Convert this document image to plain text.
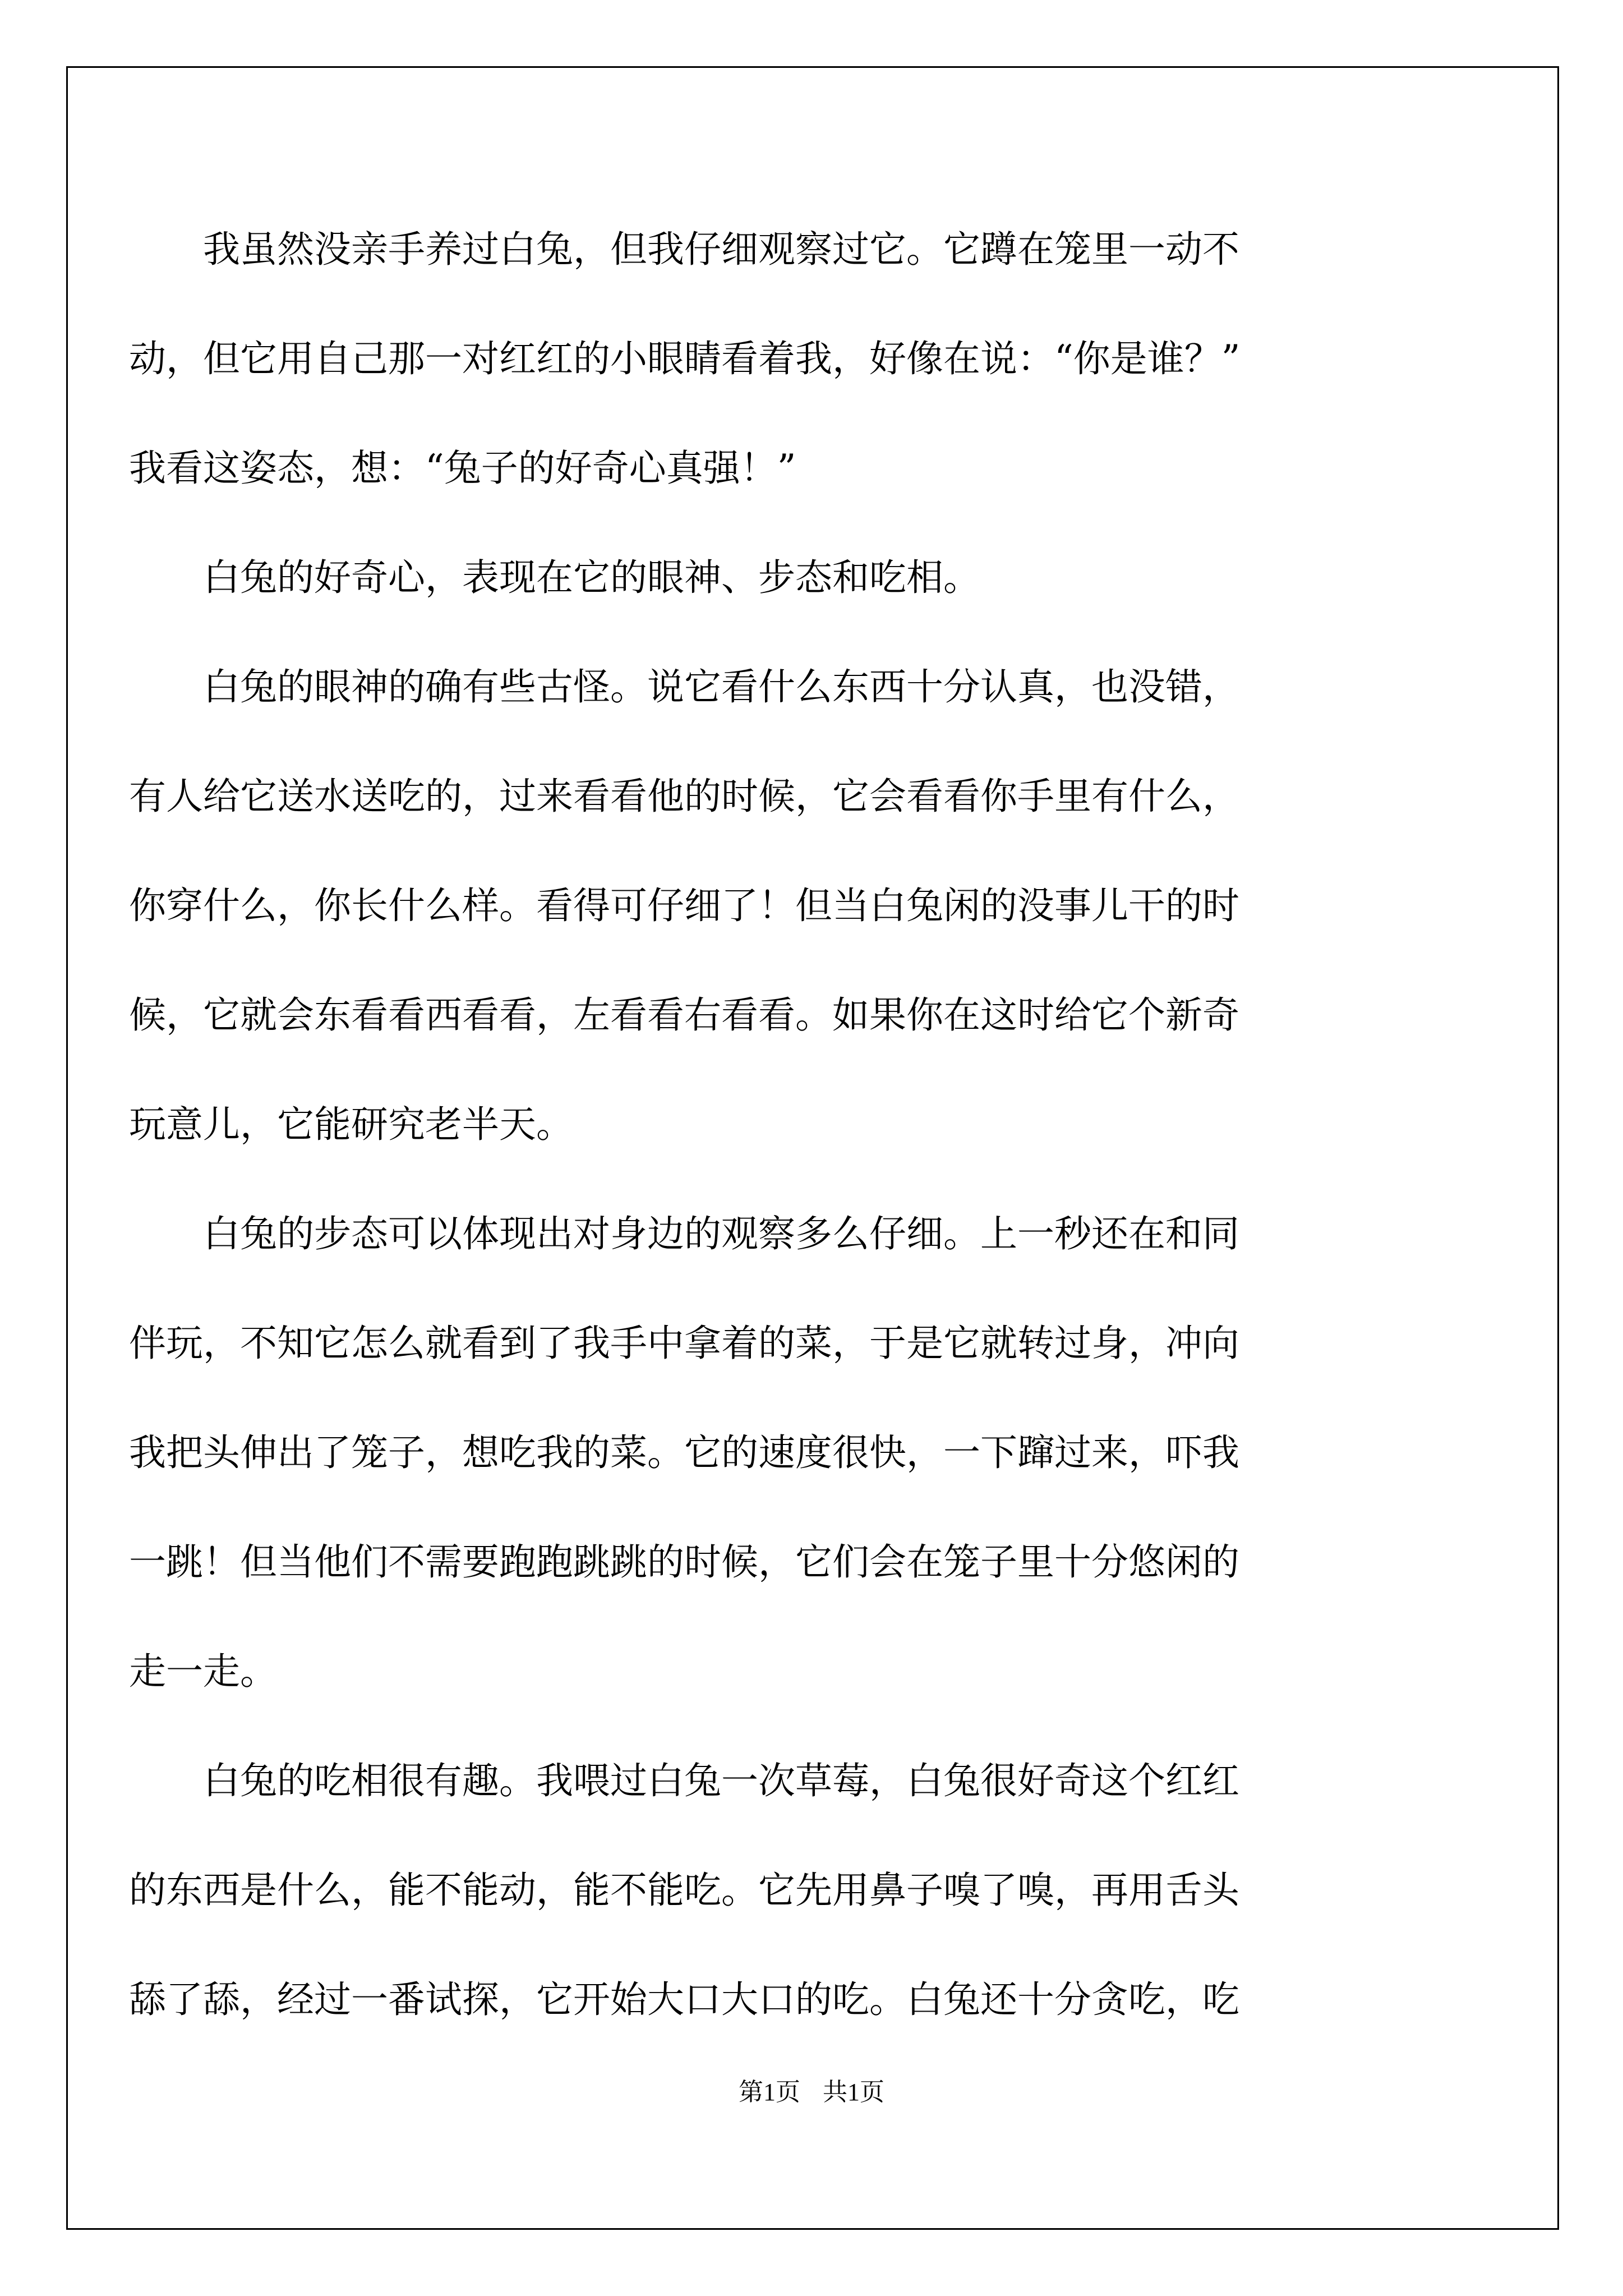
　　我虽然没亲手养过白兔，但我仔细观察过它。它蹲在笼里一动不
动，但它用自己那一对红红的小眼睛看着我，好像在说：“你是谁？”
我看这姿态，想：“兔子的好奇心真强！”
　　白兔的好奇心，表现在它的眼神、步态和吃相。
　　白兔的眼神的确有些古怪。说它看什么东西十分认真，也没错，
有人给它送水送吃的，过来看看他的时候，它会看看你手里有什么，
你穿什么，你长什么样。看得可仔细了！但当白兔闲的没事儿干的时
候，它就会东看看西看看，左看看右看看。如果你在这时给它个新奇
玩意儿，它能研究老半天。
　　白兔的步态可以体现出对身边的观察多么仔细。上一秒还在和同
伴玩，不知它怎么就看到了我手中拿着的菜，于是它就转过身，冲向
我把头伸出了笼子，想吃我的菜。它的速度很快，一下蹿过来，吓我
一跳！但当他们不需要跑跑跳跳的时候，它们会在笼子里十分悠闲的
走一走。
　　白兔的吃相很有趣。我喂过白兔一次草莓，白兔很好奇这个红红
的东西是什么，能不能动，能不能吃。它先用鼻子嗅了嗅，再用舌头
舔了舔，经过一番试探，它开始大口大口的吃。白兔还十分贪吃，吃
第1页 共1页
